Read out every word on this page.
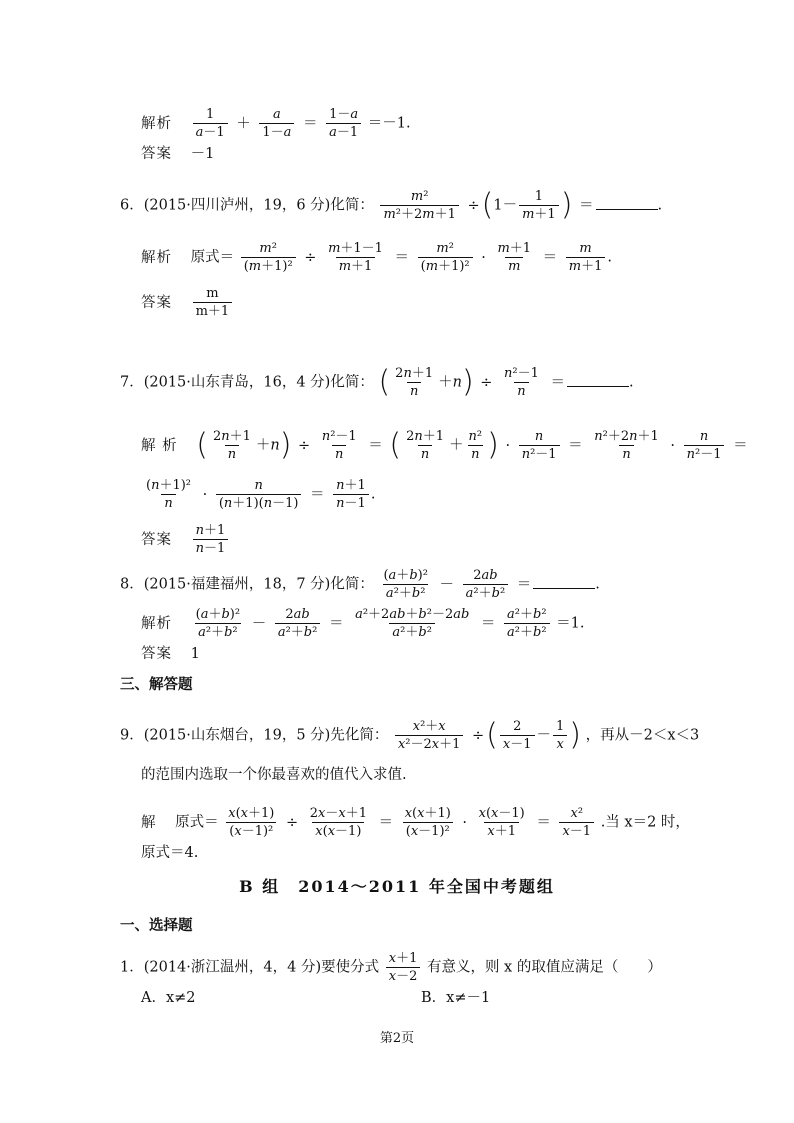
解析 $\frac{1}{a-1} + \frac{a}{1-a} = \frac{1-a}{a-1} =-1$.
答案 －1
6．(2015·四川泸州，19，6 分)化简： $\frac{\text{m²}}{\text{m²＋2m＋1}} \div(1- \frac{1}{m+1}$ ) ＝	.
解析 原式＝ $\frac{\text{m²}}{\text{(m＋1)²}} \div \frac{m+1-1}{m+1} = \frac{\text{m²}}{\text{(m＋1)²}} \cdot \frac{m+1}{m} = \frac{m}{m+1}$ .
答案 $\frac{m}{m+1}$
7．(2015·山东青岛，16，4 分)化简： ( $\frac{2n+1}{n} +n) \div \frac{\text{n²－1}}{n}$ ＝	.
解 析 ( $\frac{2n+1}{n} +n) \div \frac{\text{n²－1}}{n}$ ＝ ( $\frac{2n+1}{n} + \frac{\text{n²}}{n}$ ) · $\frac{n}{\text{n²－1}} = \frac{\text{n²＋2n＋1}}{n} \cdot \frac{n}{\text{n²－1}}$ ＝
$\frac{\text{(n＋1)²}}{n} \cdot \frac{n}{(n+1)(n-1)} = \frac{n+1}{n-1}$ .
答案 $\frac{n+1}{n-1}$
8．(2015·福建福州，18，7 分)化简： $\frac{\text{(a＋b)²}}{\text{a²＋b²}} - \frac{2ab}{\text{a²＋b²}}$ ＝	.
解析 $\frac{\text{(a＋b)²}}{\text{a²＋b²}} - \frac{2ab}{\text{a²＋b²}} = \frac{\text{a²＋2ab＋b²－2ab}}{\text{a²＋b²}} = \frac{\text{a²＋b²}}{\text{a²＋b²}} =1$.
答案 1
三、解答题
9．(2015·山东烟台，19，5 分)先化简： $\frac{\text{x²＋x}}{\text{x²－2x＋1}}$ ÷( $\frac{2}{x-1} - \frac{1}{x}$ ) ，再从－2＜x＜3
的范围内选取一个你最喜欢的值代入求值.
解 原式＝ $\frac{x(x+1)}{\text{(x－1)²}} \div \frac{2x-x+1}{x(x-1)} = \frac{x(x+1)}{\text{(x－1)²}} \cdot \frac{x(x-1)}{x+1} = \frac{\text{x²}}{x-1}$ .当 x＝2 时，
原式＝4.
B 组　2014～2011 年全国中考题组
一、选择题
1．(2014·浙江温州，4，4 分)要使分式 $\frac{x+1}{x-2}$ 有意义，则 x 的取值应满足（　　）
A．x≠2	B．x≠－1
第2页
